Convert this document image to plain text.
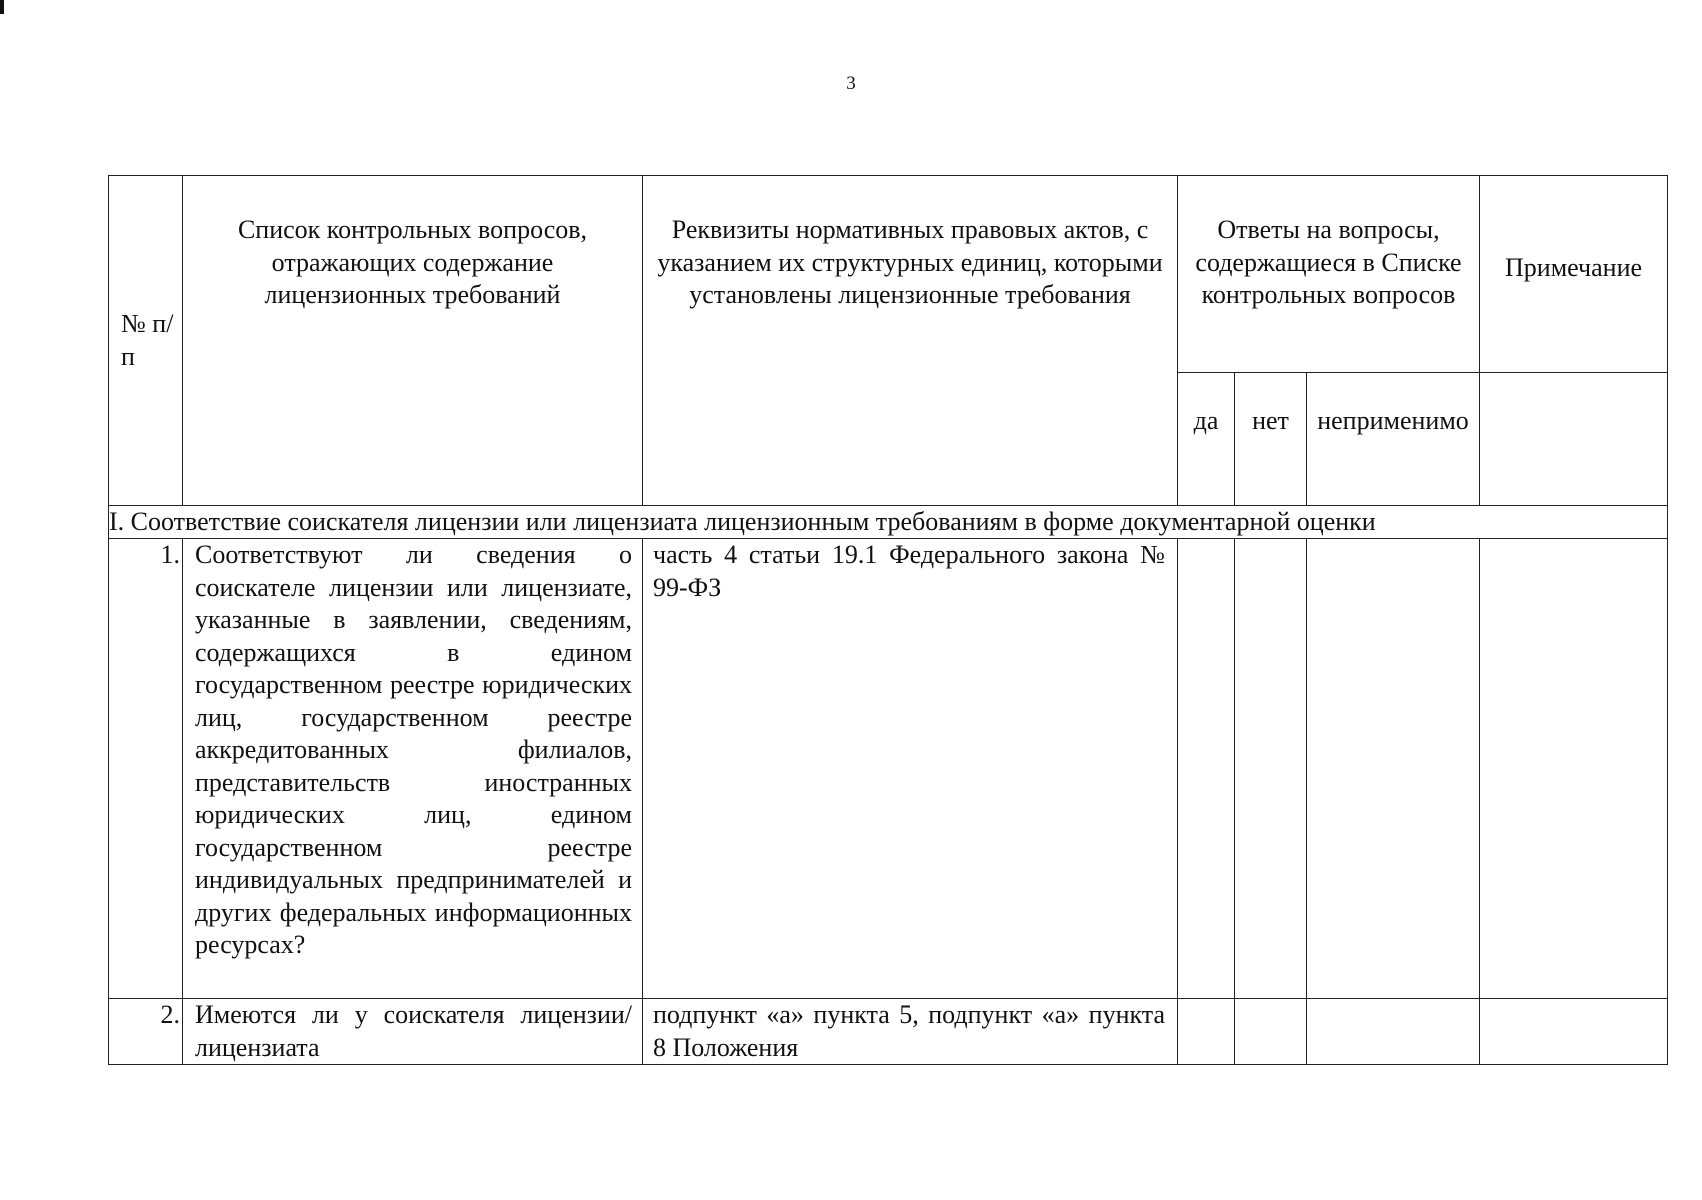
3
№ п/п	Список контрольных вопросов, отражающих содержание лицензионных требований	Реквизиты нормативных правовых актов, с указанием их структурных единиц, которыми установлены лицензионные требования	Ответы на вопросы, содержащиеся в Списке контрольных вопросов			Примечание
			да	нет	неприменимо	
I. Соответствие соискателя лицензии или лицензиата лицензионным требованиям в форме документарной оценки						
1.	Соответствуют ли сведения о соискателе лицензии или лицензиате, указанные в заявлении, сведениям, содержащихся в едином государственном реестре юридических лиц, государственном реестре аккредитованных филиалов, представительств иностранных юридических лиц, едином государственном реестре индивидуальных предпринимателей и других федеральных информационных ресурсах?	часть 4 статьи 19.1 Федерального закона № 99-ФЗ				
2.	Имеются ли у соискателя лицензии/лицензиата	подпункт «а» пункта 5, подпункт «а» пункта 8 Положения				
